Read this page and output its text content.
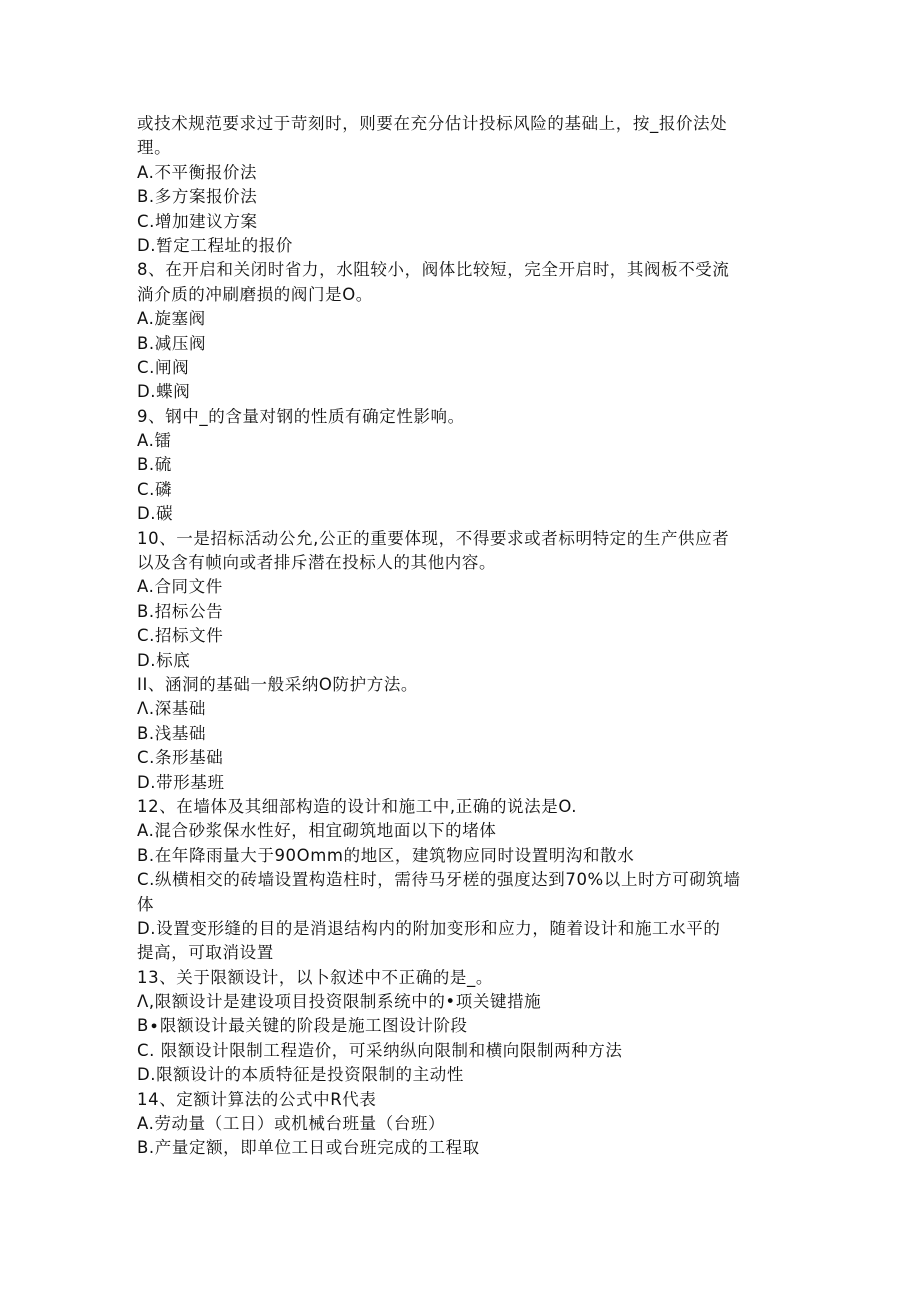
或技术规范要求过于苛刻时，则要在充分估计投标风险的基础上，按_报价法处
理。
A.不平衡报价法
B.多方案报价法
C.增加建议方案
D.暂定工程址的报价
8、在开启和关闭时省力，水阻较小，阀体比较短，完全开启时，其阀板不受流
淌介质的冲刷磨损的阀门是O。
A.旋塞阀
B.减压阀
C.闸阀
D.蝶阀
9、钢中_的含量对钢的性质有确定性影响。
A.镭
B.硫
C.磷
D.碳
10、一是招标活动公允,公正的重要体现，不得要求或者标明特定的生产供应者
以及含有帧向或者排斥潜在投标人的其他内容。
A.合同文件
B.招标公告
C.招标文件
D.标底
II、涵洞的基础一般采纳O防护方法。
Λ.深基础
B.浅基础
C.条形基础
D.带形基班
12、在墙体及其细部构造的设计和施工中,正确的说法是O.
A.混合砂浆保水性好，相宜砌筑地面以下的堵体
B.在年降雨量大于90Omm的地区，建筑物应同时设置明沟和散水
C.纵横相交的砖墙设置构造柱时，需待马牙槎的强度达到70%以上时方可砌筑墙
体
D.设置变形缝的目的是消退结构内的附加变形和应力，随着设计和施工水平的
提高，可取消设置
13、关于限额设计，以卜叙述中不正确的是_。
Λ,限额设计是建设项目投资限制系统中的•项关键措施
B∙限额设计最关键的阶段是施工图设计阶段
C. 限额设计限制工程造价，可采纳纵向限制和横向限制两种方法
D.限额设计的本质特征是投资限制的主动性
14、定额计算法的公式中R代表
A.劳动量（工日）或机械台班量（台班）
B.产量定额，即单位工日或台班完成的工程取
